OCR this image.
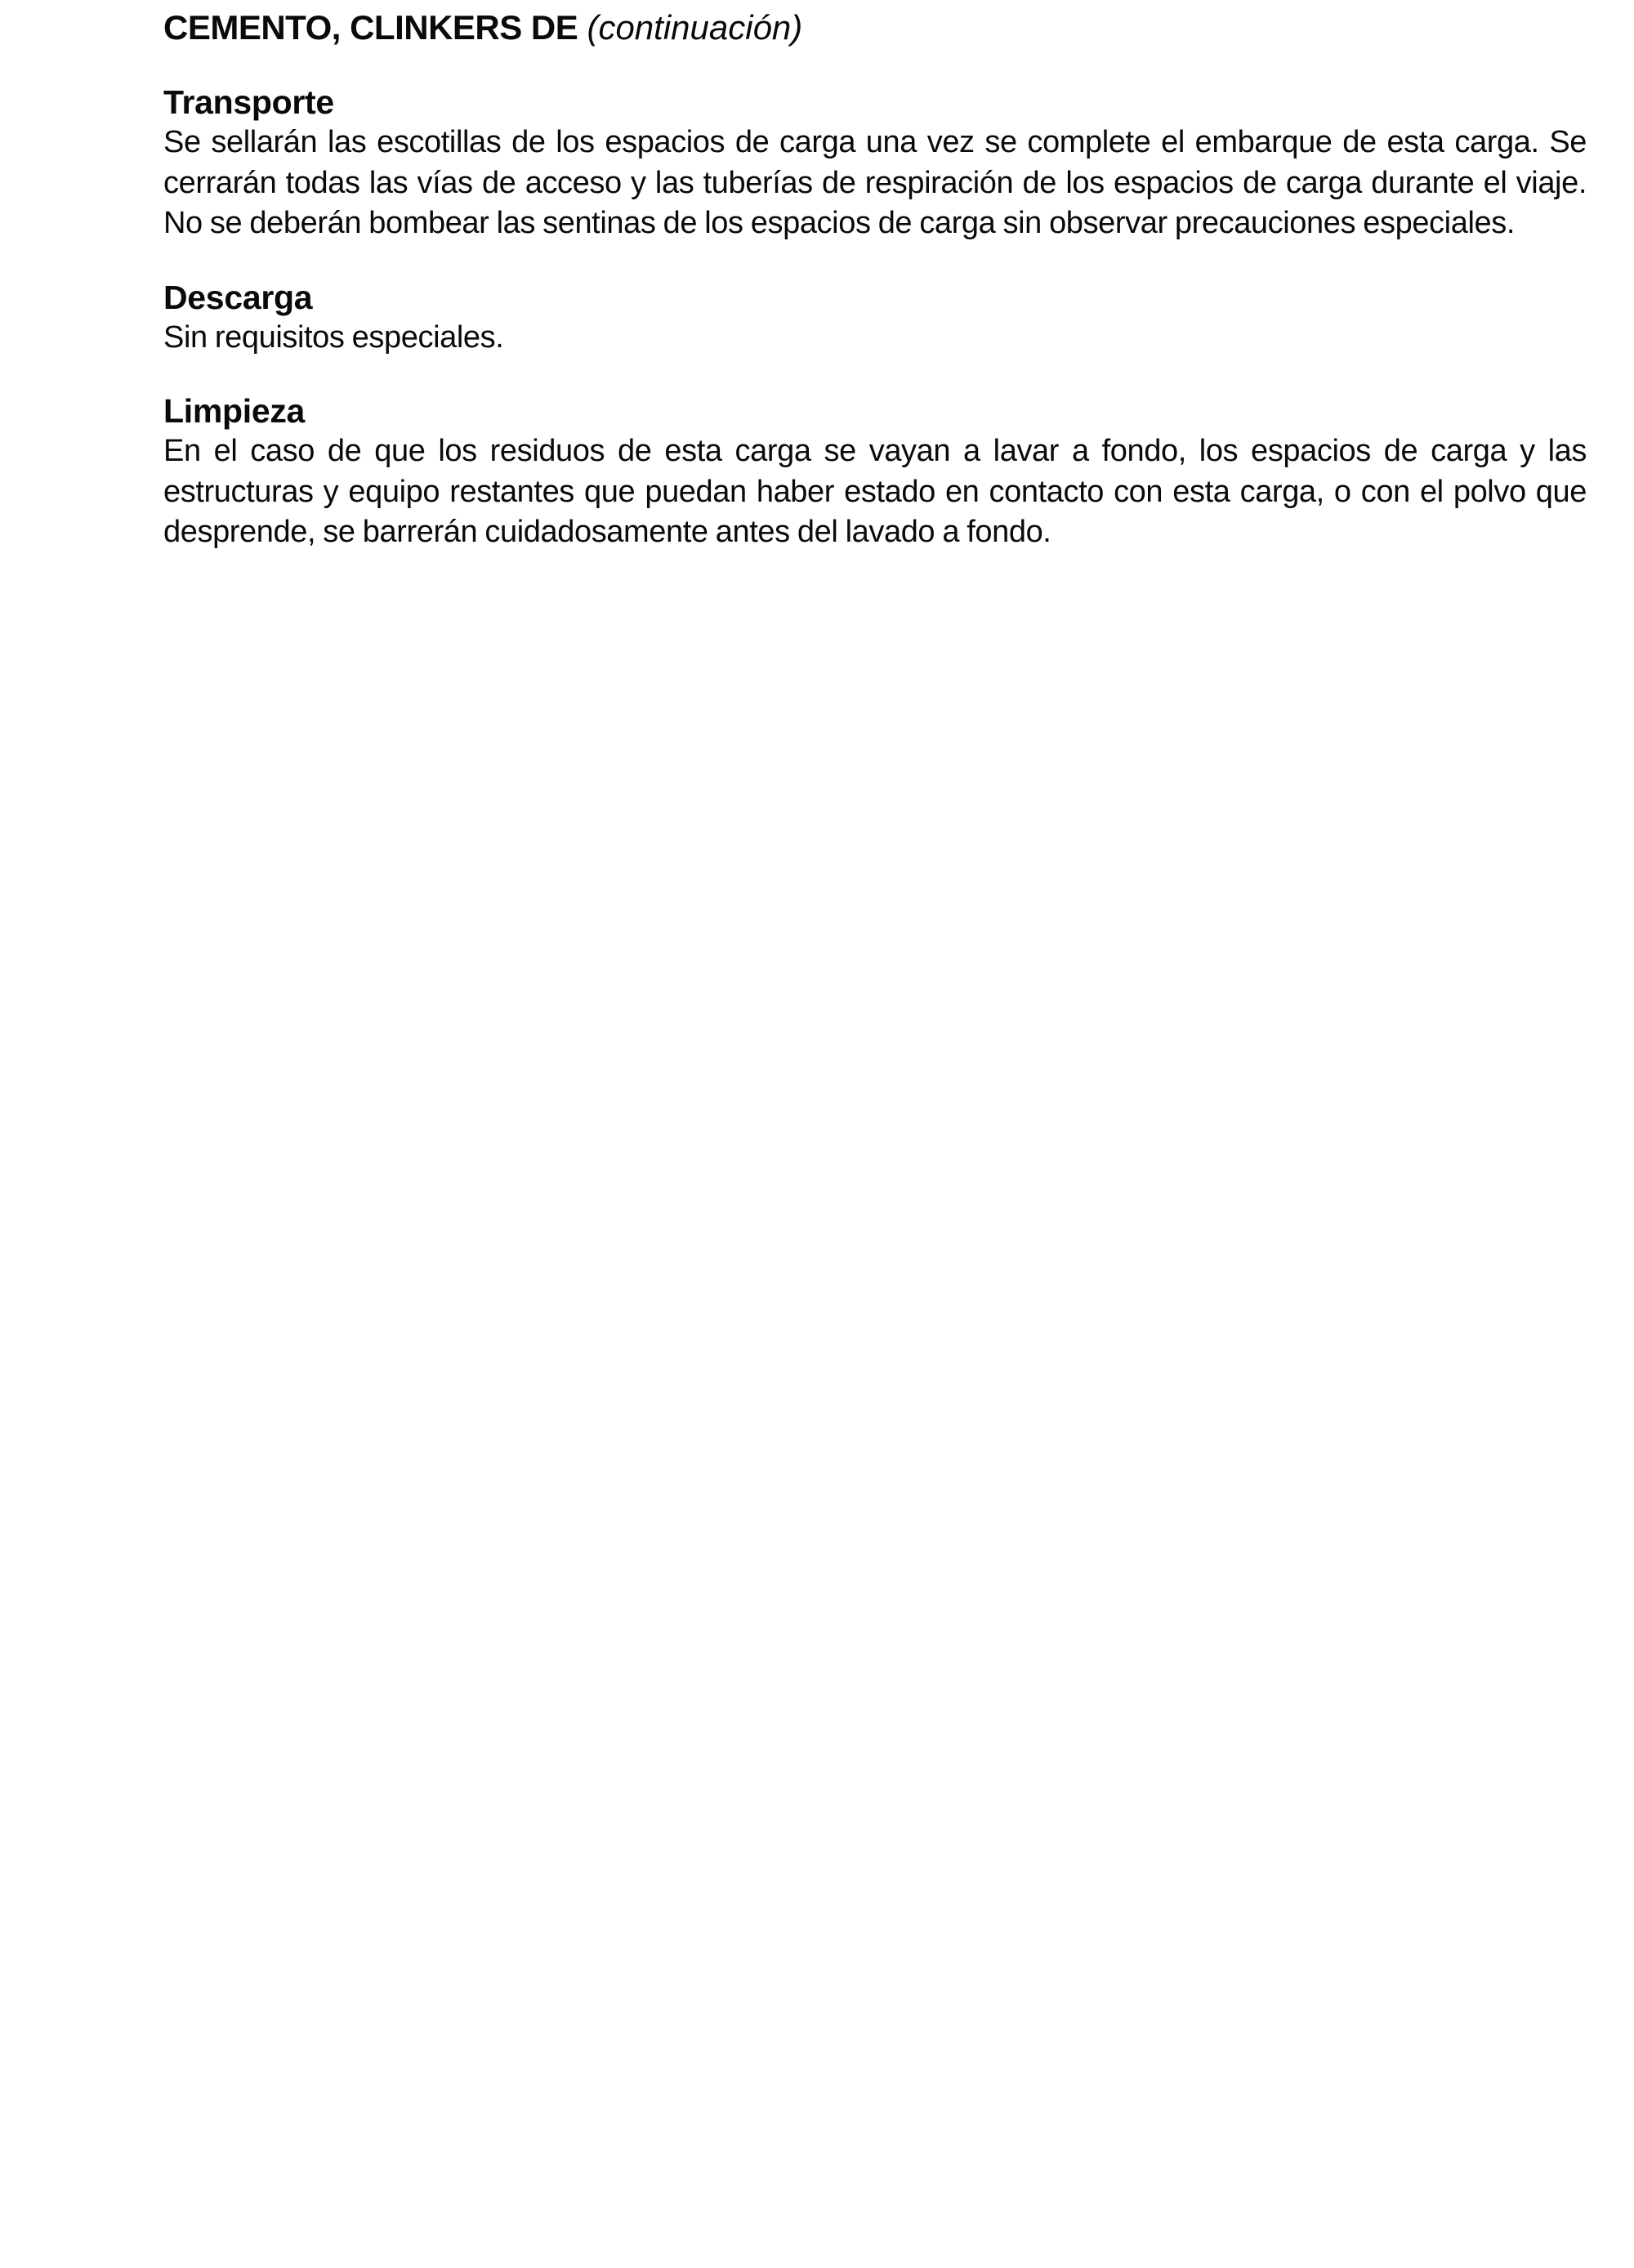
CEMENTO, CLINKERS DE (continuación)
Transporte

Se sellarán las escotillas de los espacios de carga una vez se complete el embarque de esta carga. Se cerrarán todas las vías de acceso y las tuberías de respiración de los espacios de carga durante el viaje. No se deberán bombear las sentinas de los espacios de carga sin observar precauciones especiales.

Descarga

Sin requisitos especiales.

Limpieza

En el caso de que los residuos de esta carga se vayan a lavar a fondo, los espacios de carga y las estructuras y equipo restantes que puedan haber estado en contacto con esta carga, o con el polvo que desprende, se barrerán cuidadosamente antes del lavado a fondo.
